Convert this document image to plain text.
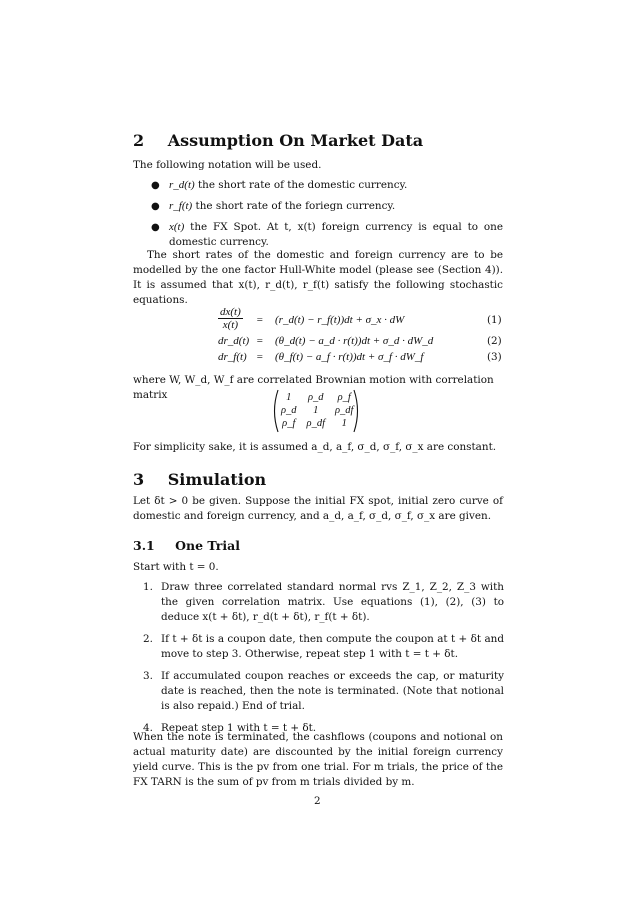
2 Assumption On Market Data
The following notation will be used.
● r_d(t) the short rate of the domestic currency.
● r_f(t) the short rate of the foriegn currency.
● x(t) the FX Spot. At t, x(t) foreign currency is equal to one domestic currency.
The short rates of the domestic and foreign currency are to be modelled by the one factor Hull-White model (please see (Section 4)). It is assumed that x(t), r_d(t), r_f(t) satisfy the following stochastic equations.
$\frac{dx(t)}{x(t)}$ = (r_d(t) − r_f(t))dt + σ_x · dW	(1)
dr_d(t) = (θ_d(t) − a_d · r(t))dt + σ_d · dW_d	(2)
dr_f(t) = (θ_f(t) − a_f · r(t))dt + σ_f · dW_f	(3)
where W, W_d, W_f are correlated Brownian motion with correlation matrix	1	ρ_d	ρ_f
ρ_d	1	ρ_df
ρ_f	ρ_df	1
For simplicity sake, it is assumed a_d, a_f, σ_d, σ_f, σ_x are constant.
3 Simulation
Let δt > 0 be given. Suppose the initial FX spot, initial zero curve of domestic and foreign currency, and a_d, a_f, σ_d, σ_f, σ_x are given.
3.1 One Trial
Start with t = 0.
1. Draw three correlated standard normal rvs Z_1, Z_2, Z_3 with the given correlation matrix. Use equations (1), (2), (3) to deduce x(t + δt), r_d(t + δt), r_f(t + δt).
2. If t + δt is a coupon date, then compute the coupon at t + δt and move to step 3. Otherwise, repeat step 1 with t = t + δt.
3. If accumulated coupon reaches or exceeds the cap, or maturity date is reached, then the note is terminated. (Note that notional is also repaid.) End of trial.
4. Repeat step 1 with t = t + δt.
When the note is terminated, the cashflows (coupons and notional on actual maturity date) are discounted by the initial foreign currency yield curve. This is the pv from one trial. For m trials, the price of the FX TARN is the sum of pv from m trials divided by m.
2
